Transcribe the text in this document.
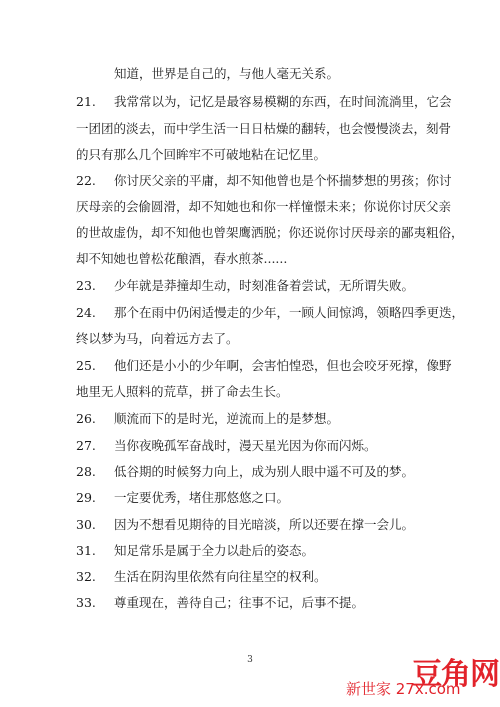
知道，世界是自己的，与他人毫无关系。
21. 我常常以为，记忆是最容易模糊的东西，在时间流淌里，它会
一团团的淡去，而中学生活一日日枯燥的翻转，也会慢慢淡去，刻骨
的只有那么几个回眸牢不可破地粘在记忆里。
22. 你讨厌父亲的平庸，却不知他曾也是个怀揣梦想的男孩；你讨
厌母亲的会偷圆滑，却不知她也和你一样憧憬未来；你说你讨厌父亲
的世故虚伪，却不知他也曾架鹰洒脱；你还说你讨厌母亲的鄙夷粗俗，
却不知她也曾松花酿酒，春水煎茶......
23. 少年就是莽撞却生动，时刻准备着尝试，无所谓失败。
24. 那个在雨中仍闲适慢走的少年，一顾人间惊鸿，领略四季更迭，
终以梦为马，向着远方去了。
25. 他们还是小小的少年啊，会害怕惶恐，但也会咬牙死撑，像野
地里无人照料的荒草，拼了命去生长。
26. 顺流而下的是时光，逆流而上的是梦想。
27. 当你夜晚孤军奋战时，漫天星光因为你而闪烁。
28. 低谷期的时候努力向上，成为别人眼中遥不可及的梦。
29. 一定要优秀，堵住那悠悠之口。
30. 因为不想看见期待的目光暗淡，所以还要在撑一会儿。
31. 知足常乐是属于全力以赴后的姿态。
32. 生活在阴沟里依然有向往星空的权利。
33. 尊重现在，善待自己；往事不记，后事不提。
3	豆角网
新世家 27x.com
